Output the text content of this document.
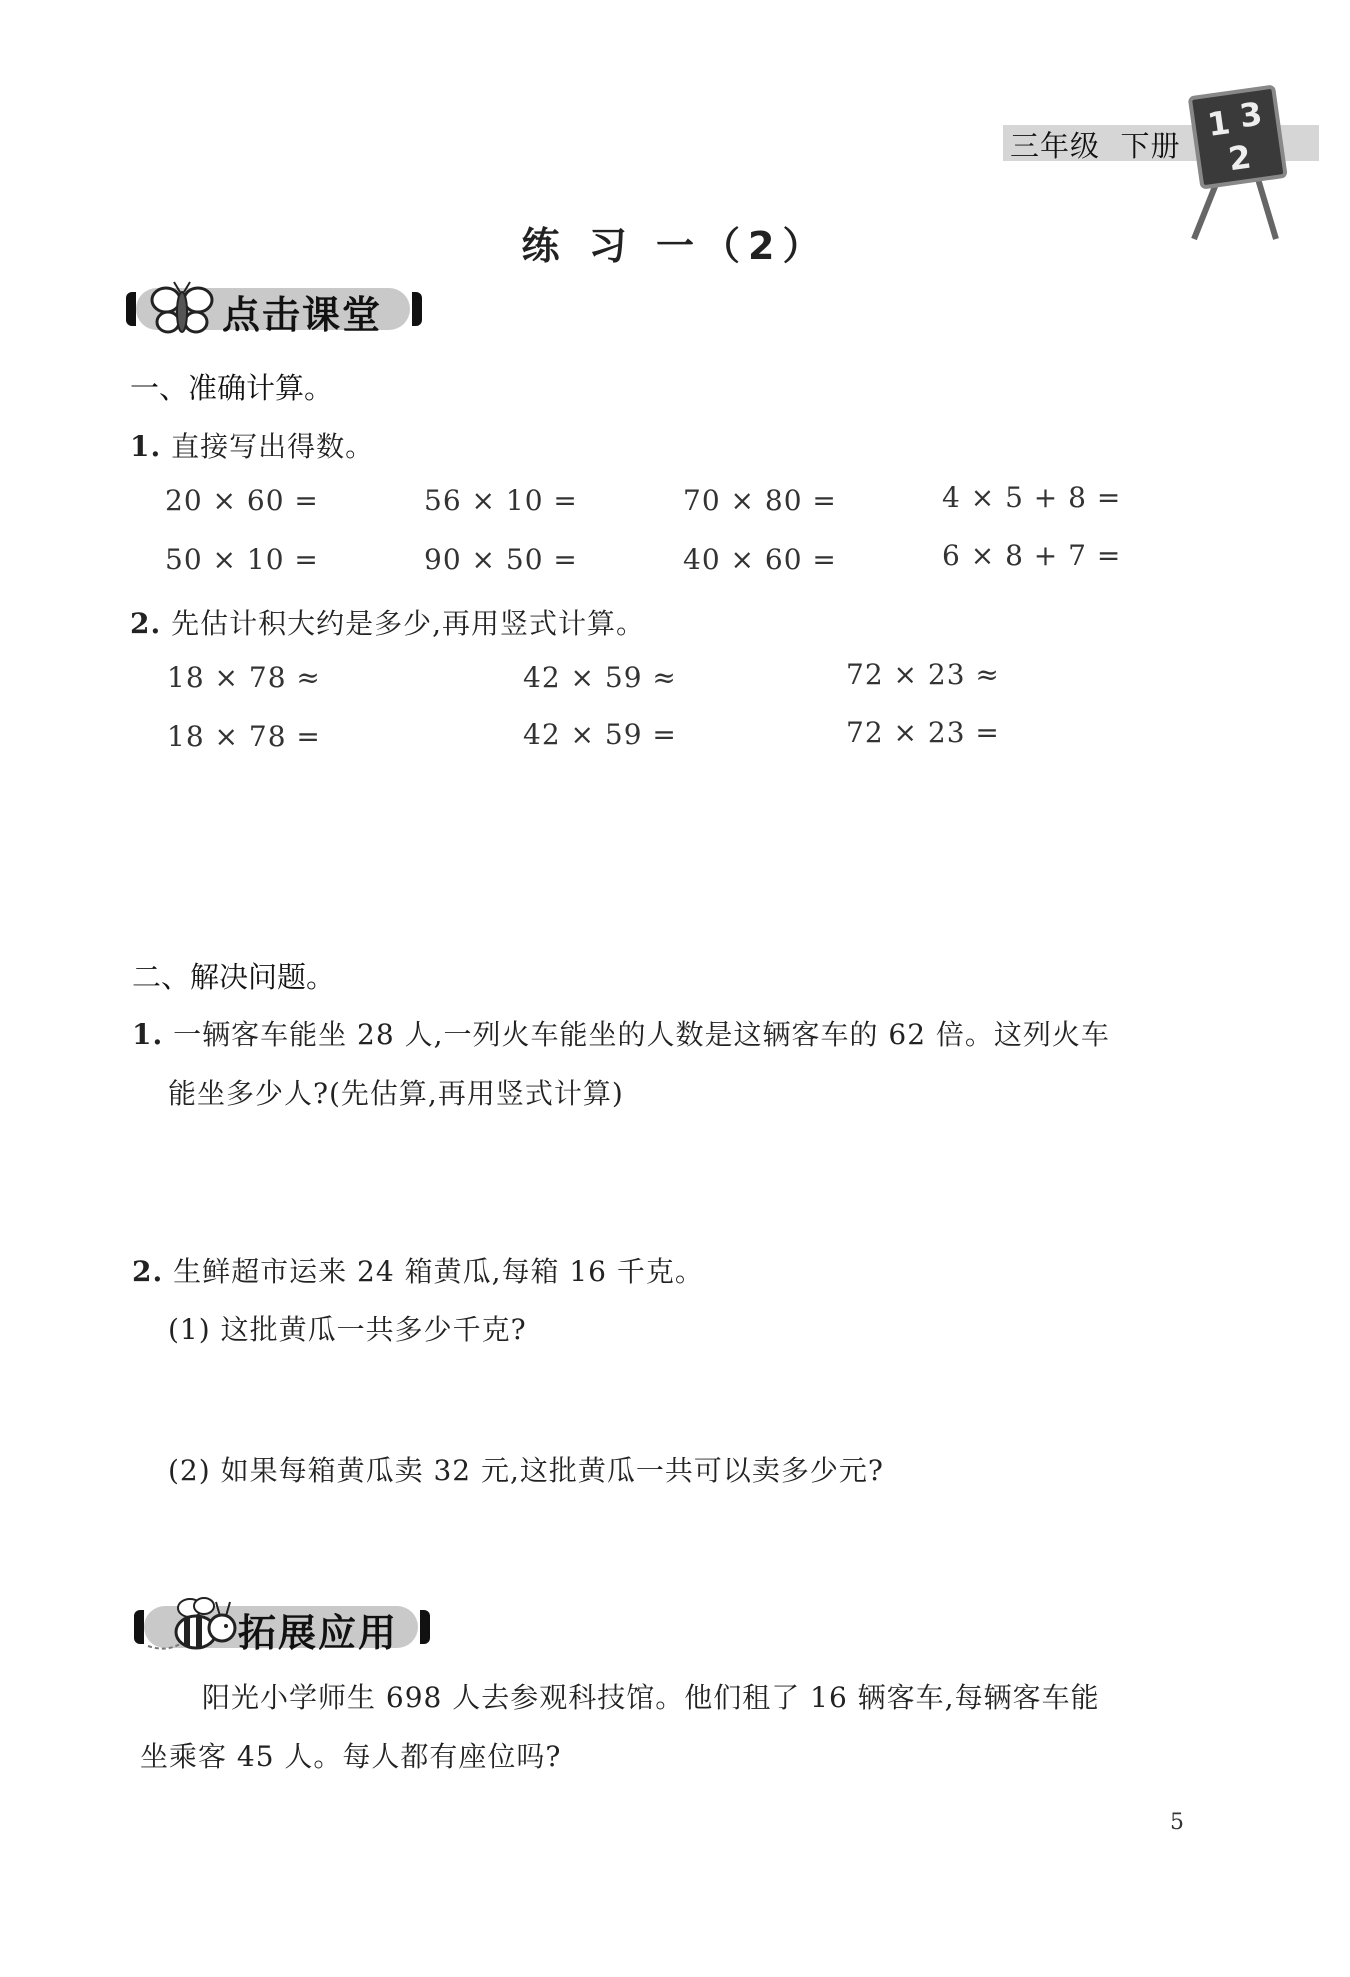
三年级 下册
1 3
2
练 习 一（2）
点击课堂
一、准确计算。
1. 直接写出得数。
20 × 60 =	56 × 10 =	70 × 80 =	4 × 5 + 8 =
50 × 10 =	90 × 50 =	40 × 60 =	6 × 8 + 7 =
2. 先估计积大约是多少,再用竖式计算。
18 × 78 ≈	42 × 59 ≈	72 × 23 ≈
18 × 78 =	42 × 59 =	72 × 23 =
二、解决问题。
1. 一辆客车能坐 28 人,一列火车能坐的人数是这辆客车的 62 倍。这列火车
能坐多少人?(先估算,再用竖式计算)
2. 生鲜超市运来 24 箱黄瓜,每箱 16 千克。
(1) 这批黄瓜一共多少千克?
(2) 如果每箱黄瓜卖 32 元,这批黄瓜一共可以卖多少元?
拓展应用
阳光小学师生 698 人去参观科技馆。他们租了 16 辆客车,每辆客车能
坐乘客 45 人。每人都有座位吗?
5
